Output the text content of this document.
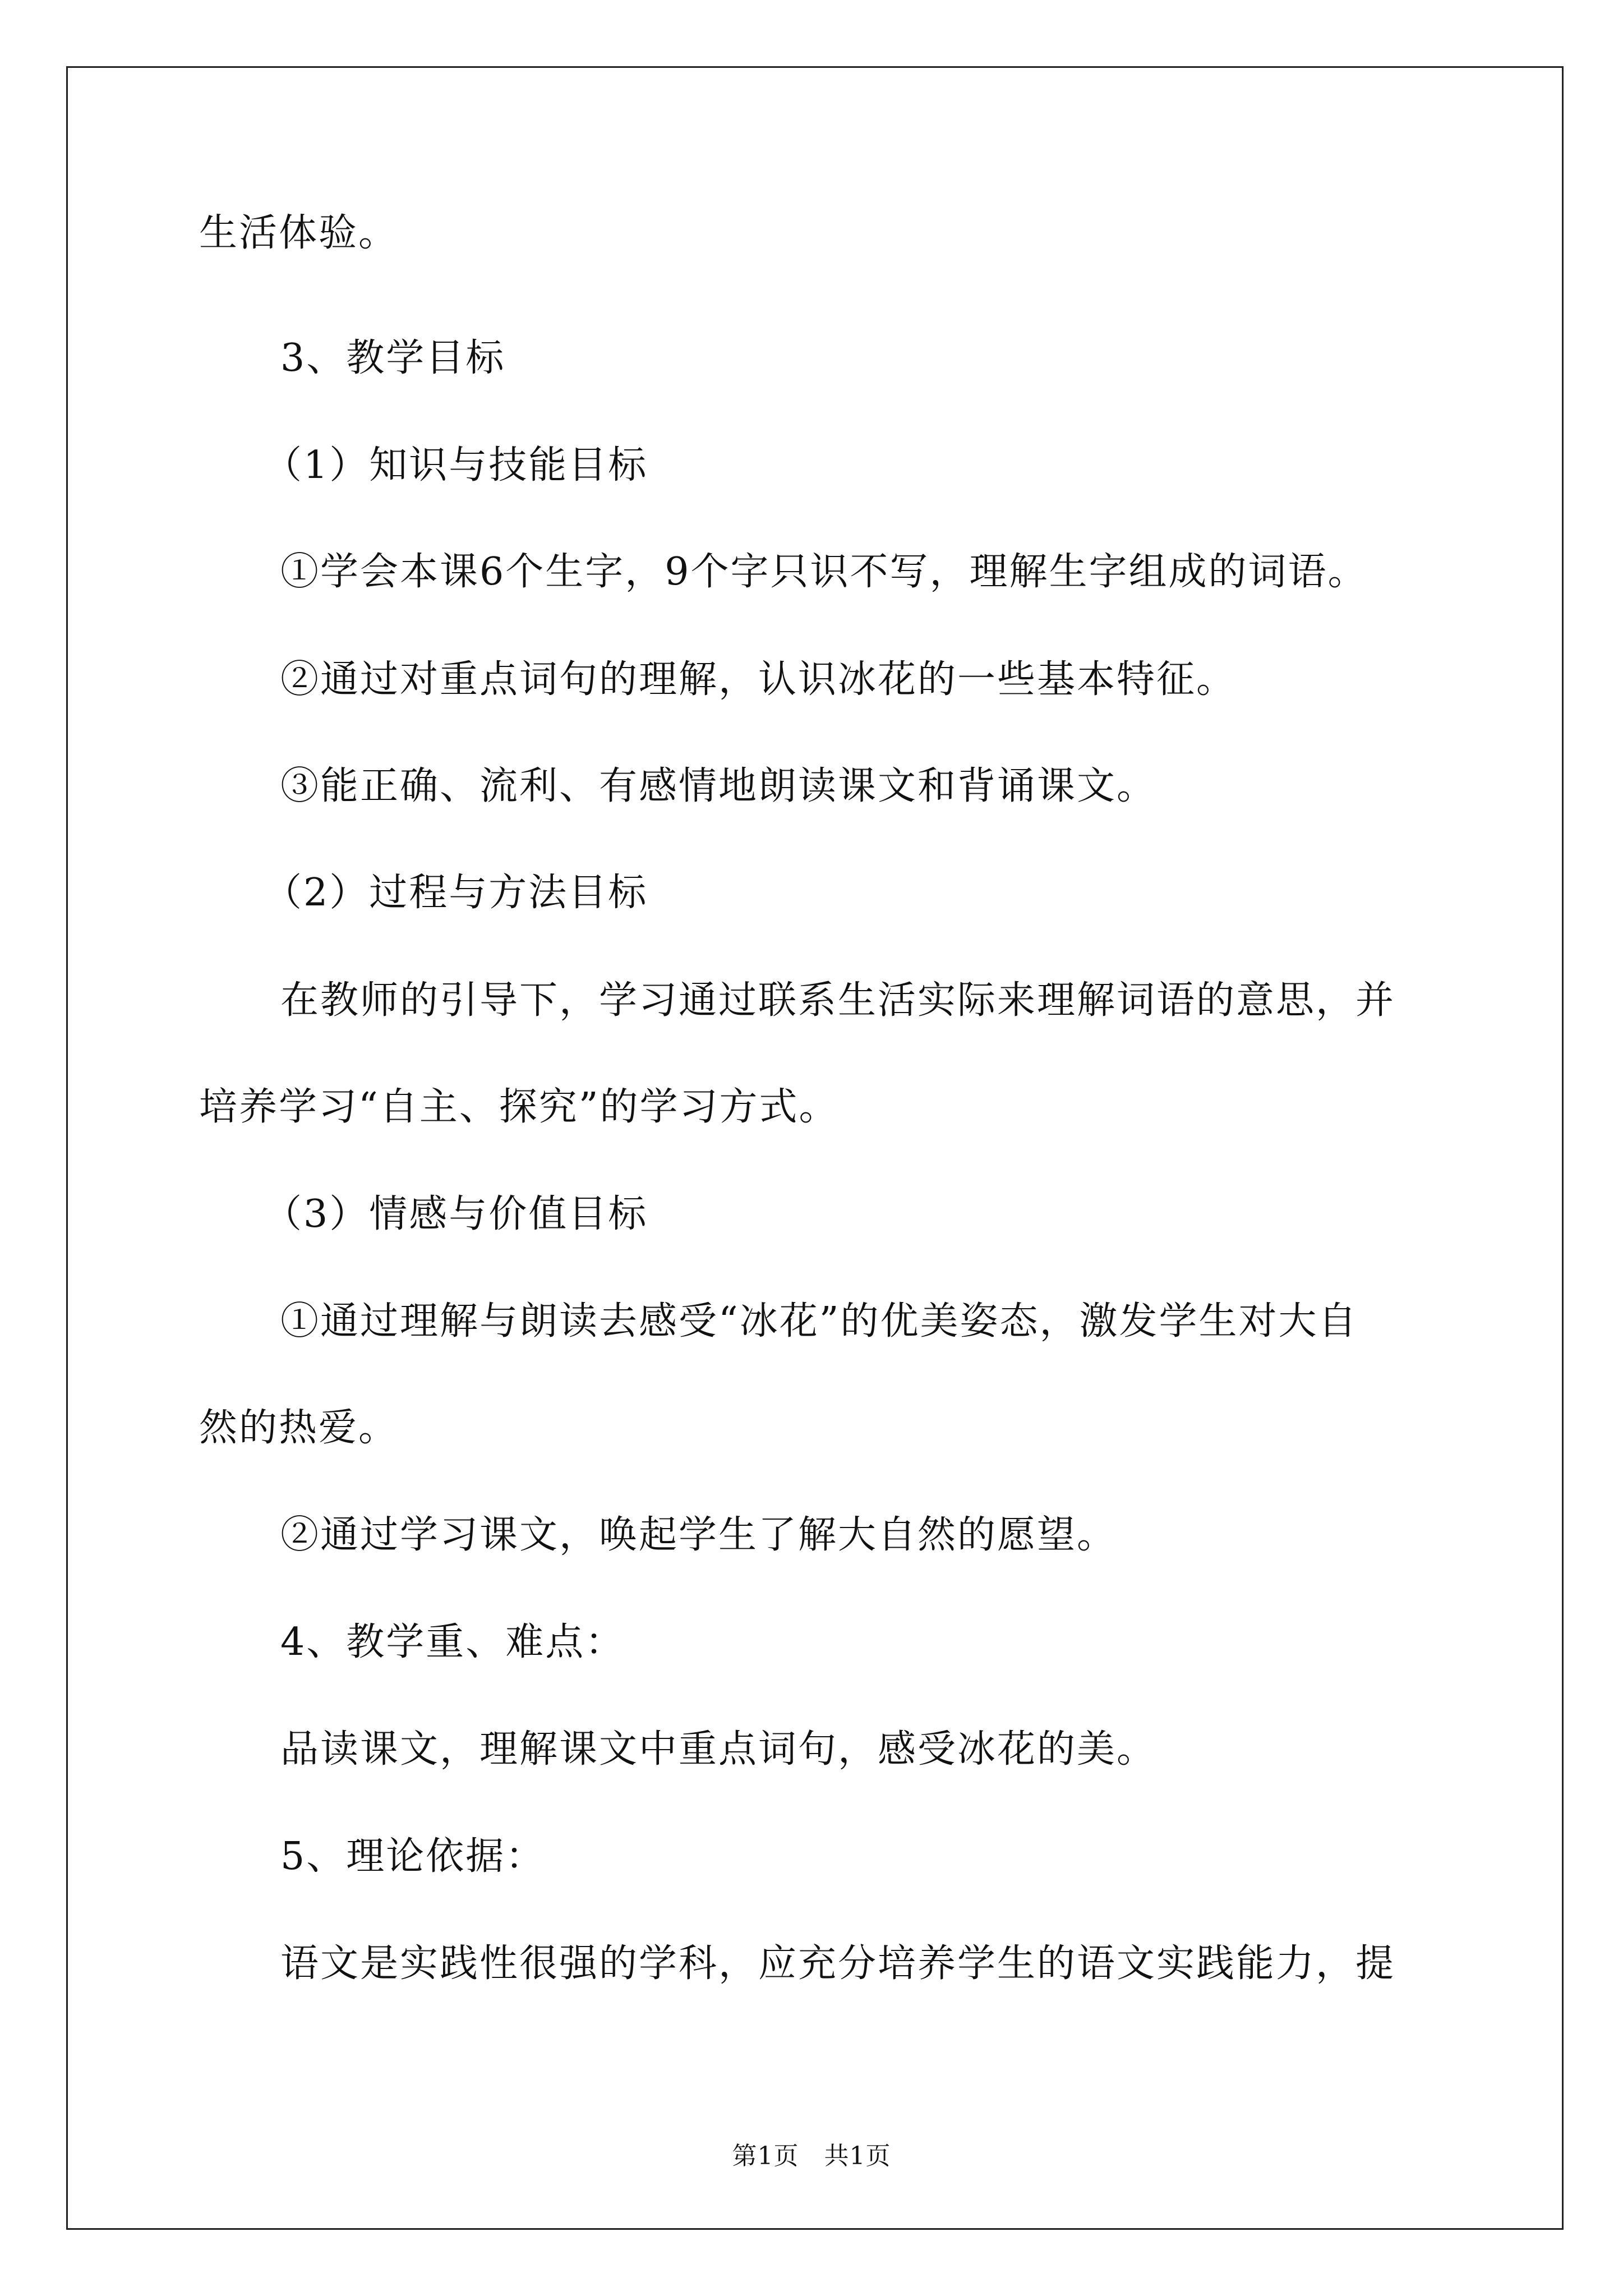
生活体验。
3、教学目标
（1）知识与技能目标
①学会本课6个生字，9个字只识不写，理解生字组成的词语。
②通过对重点词句的理解，认识冰花的一些基本特征。
③能正确、流利、有感情地朗读课文和背诵课文。
（2）过程与方法目标
在教师的引导下，学习通过联系生活实际来理解词语的意思，并
培养学习“自主、探究”的学习方式。
（3）情感与价值目标
①通过理解与朗读去感受“冰花”的优美姿态，激发学生对大自
然的热爱。
②通过学习课文，唤起学生了解大自然的愿望。
4、教学重、难点：
品读课文，理解课文中重点词句，感受冰花的美。
5、理论依据：
语文是实践性很强的学科，应充分培养学生的语文实践能力，提
第1页　共1页
